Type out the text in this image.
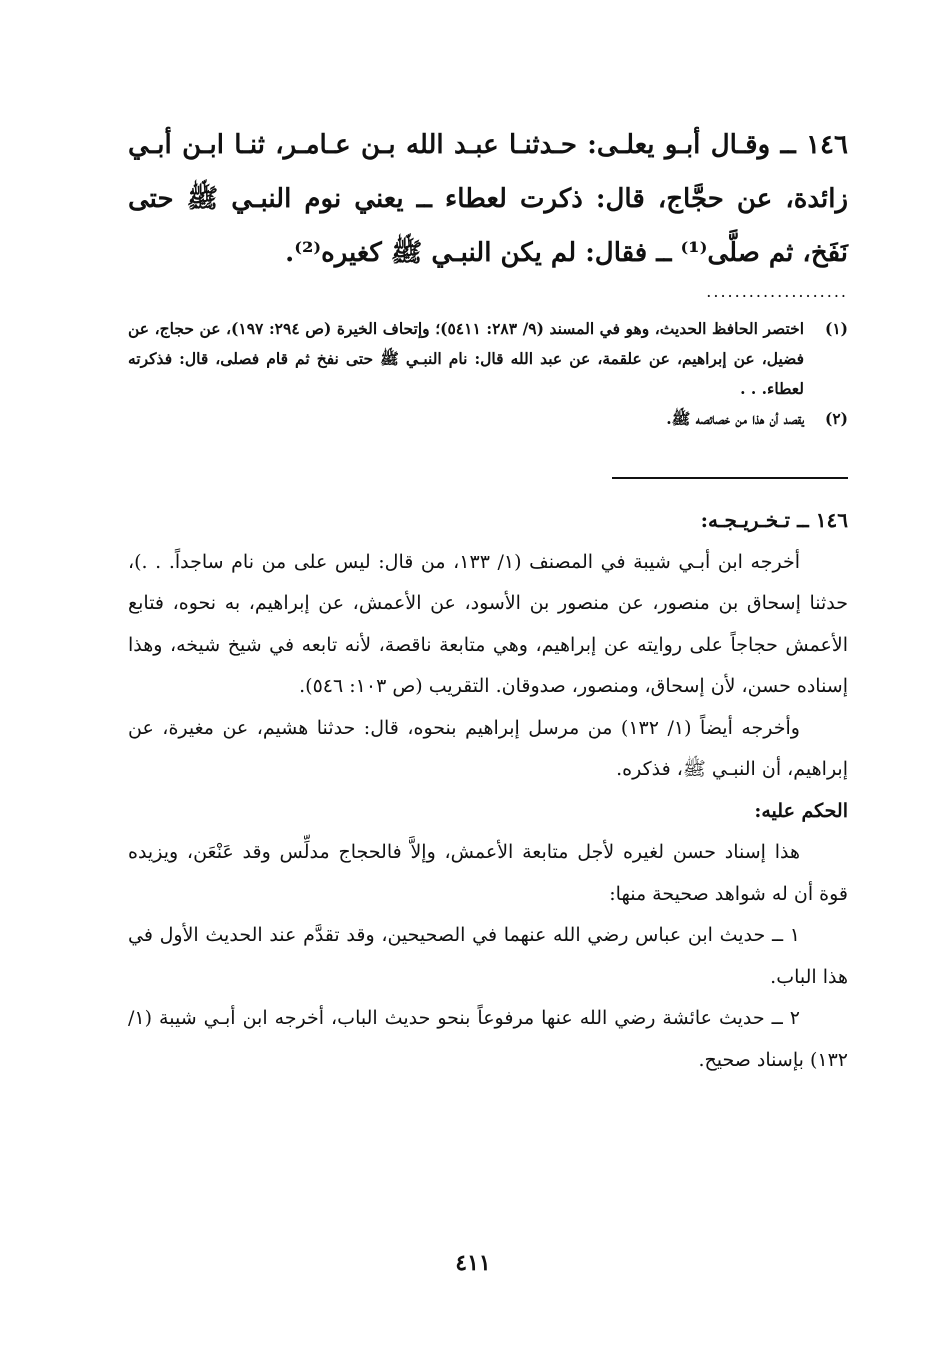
١٤٦ ــ وقـال أبـو يعلـى: حـدثنـا عبـد الله بـن عـامـر، ثنـا ابـن أبـي زائدة، عن حجَّاج، قال: ذكرت لعطاء ــ يعني نوم النبـي ﷺ حتى نَفَخ، ثم صلَّى⁽¹⁾ ــ فقال: لم يكن النبـي ﷺ كغيره⁽²⁾.

....................
(١)
اختصر الحافظ الحديث، وهو في المسند (٩/ ٢٨٣: ٥٤١١)؛ وإتحاف الخيرة (ص ٢٩٤: ١٩٧)، عن حجاج، عن فضيل، عن إبراهيم، عن علقمة، عن عبد الله قال: نام النبـي ﷺ حتى نفخ ثم قام فصلى، قال: فذكرته لعطاء. . .
(٢)
يقصد أن هذا من خصائصه ﷺ.

١٤٦ ــ تـخـريـجـه:

أخرجه ابن أبـي شيبة في المصنف (١/ ١٣٣، من قال: ليس على من نام ساجداً. . .)، حدثنا إسحاق بن منصور، عن منصور بن الأسود، عن الأعمش، عن إبراهيم، به نحوه، فتابع الأعمش حجاجاً على روايته عن إبراهيم، وهي متابعة ناقصة، لأنه تابعه في شيخ شيخه، وهذا إسناده حسن، لأن إسحاق، ومنصور، صدوقان. التقريب (ص ١٠٣: ٥٤٦).

وأخرجه أيضاً (١/ ١٣٢) من مرسل إبراهيم بنحوه، قال: حدثنا هشيم، عن مغيرة، عن إبراهيم، أن النبـي ﷺ، فذكره.

الحكم عليه:

هذا إسناد حسن لغيره لأجل متابعة الأعمش، وإلاَّ فالحجاج مدلِّس وقد عَنْعَن، ويزيده قوة أن له شواهد صحيحة منها:

١ ــ حديث ابن عباس رضي الله عنهما في الصحيحين، وقد تقدَّم عند الحديث الأول في هذا الباب.

٢ ــ حديث عائشة رضي الله عنها مرفوعاً بنحو حديث الباب، أخرجه ابن أبـي شيبة (١/ ١٣٢) بإسناد صحيح.

٤١١
